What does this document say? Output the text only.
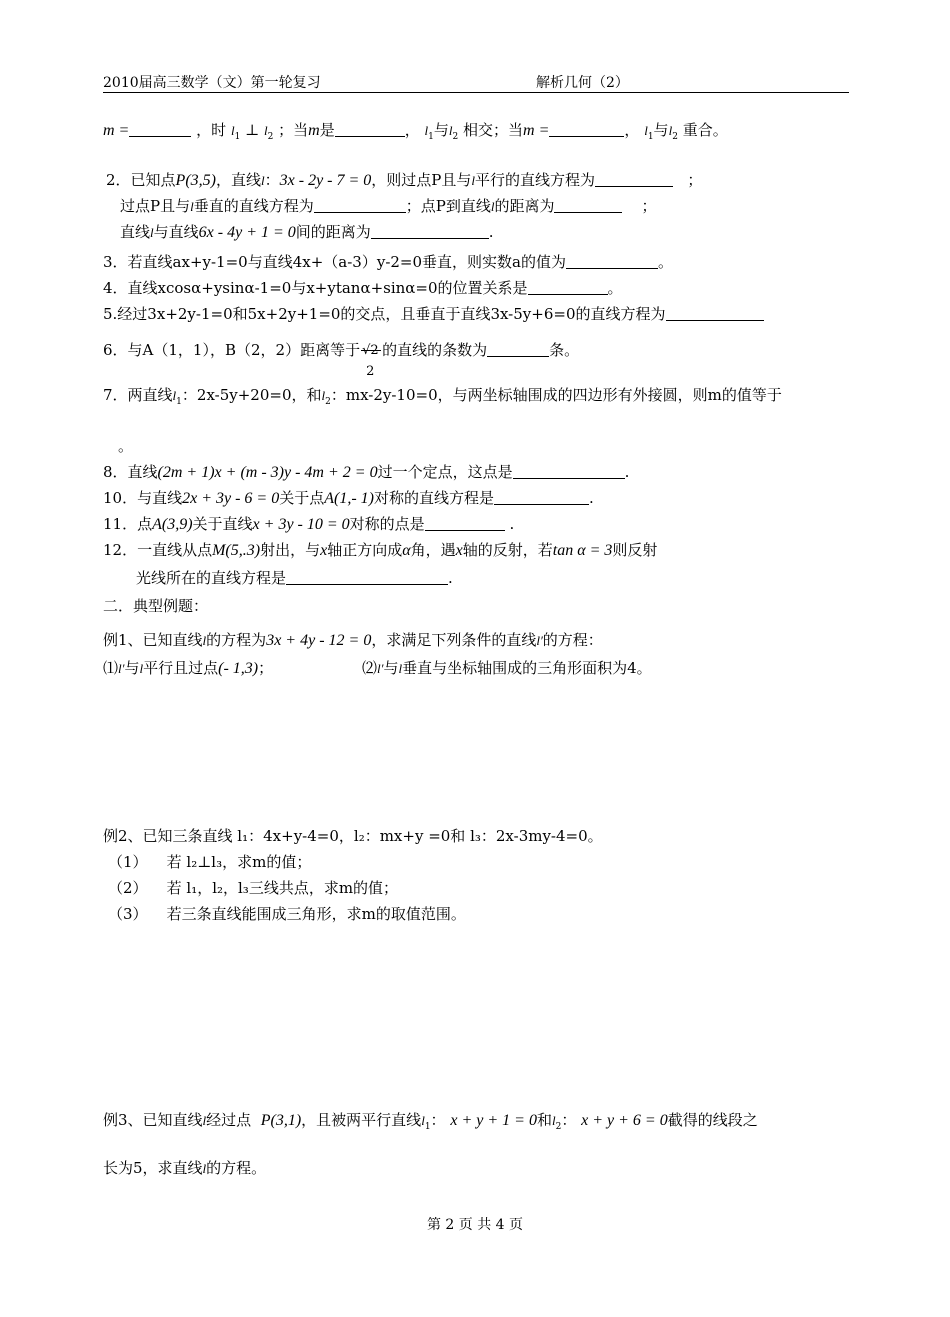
2010届高三数学（文）第一轮复习	解析几何（2）
m =	，时 $l_1$ ⊥ $l_2$ ；当m是	， $l_1$与$l_2$ 相交；当m =	， $l_1$与$l_2$ 重合。
2．已知点P(3,5)，直线l：3x - 2y - 7 = 0，则过点P且与l平行的直线方程为	；
过点P且与l垂直的直线方程为	；点P到直线l的距离为	；
直线l与直线6x - 4y + 1 = 0间的距离为	.
3．若直线ax+y-1=0与直线4x+（a-3）y-2=0垂直，则实数a的值为	。
4．直线xcosα+ysinα-1=0与x+ytanα+sinα=0的位置关系是	。
5.经过3x+2y-1=0和5x+2y+1=0的交点，且垂直于直线3x-5y+6=0的直线方程为
6．与A（1，1），B（2，2）距离等于 √2
2
的直线的条数为	条。
7．两直线$l_1$：2x-5y+20=0，和$l_2$：mx-2y-10=0，与两坐标轴围成的四边形有外接圆，则m的值等于
。
8．直线(2m + 1)x + (m - 3)y - 4m + 2 = 0过一个定点，这点是	.
10．与直线2x + 3y - 6 = 0关于点A(1,- 1)对称的直线方程是	.
11．点A(3,9)关于直线x + 3y - 10 = 0对称的点是	.
12．一直线从点M(5,.3)射出，与x轴正方向成α角，遇x轴的反射，若tan α = 3则反射
光线所在的直线方程是	.
二．典型例题：
例1、已知直线l的方程为3x + 4y - 12 = 0，求满足下列条件的直线l′的方程：
⑴l′与l平行且过点(- 1,3)；	⑵l′与l垂直与坐标轴围成的三角形面积为4。
例2、已知三条直线 l₁：4x+y-4=0，l₂：mx+y =0和 l₃：2x-3my-4=0。
（1） 若 l₂⊥l₃，求m的值；
（2） 若 l₁，l₂，l₃三线共点，求m的值；
（3） 若三条直线能围成三角形，求m的取值范围。
例3、已知直线l经过点 P(3,1)，且被两平行直线$l_1$： x + y + 1 = 0和$l_2$： x + y + 6 = 0截得的线段之
长为5，求直线l的方程。
第 2 页 共 4 页
